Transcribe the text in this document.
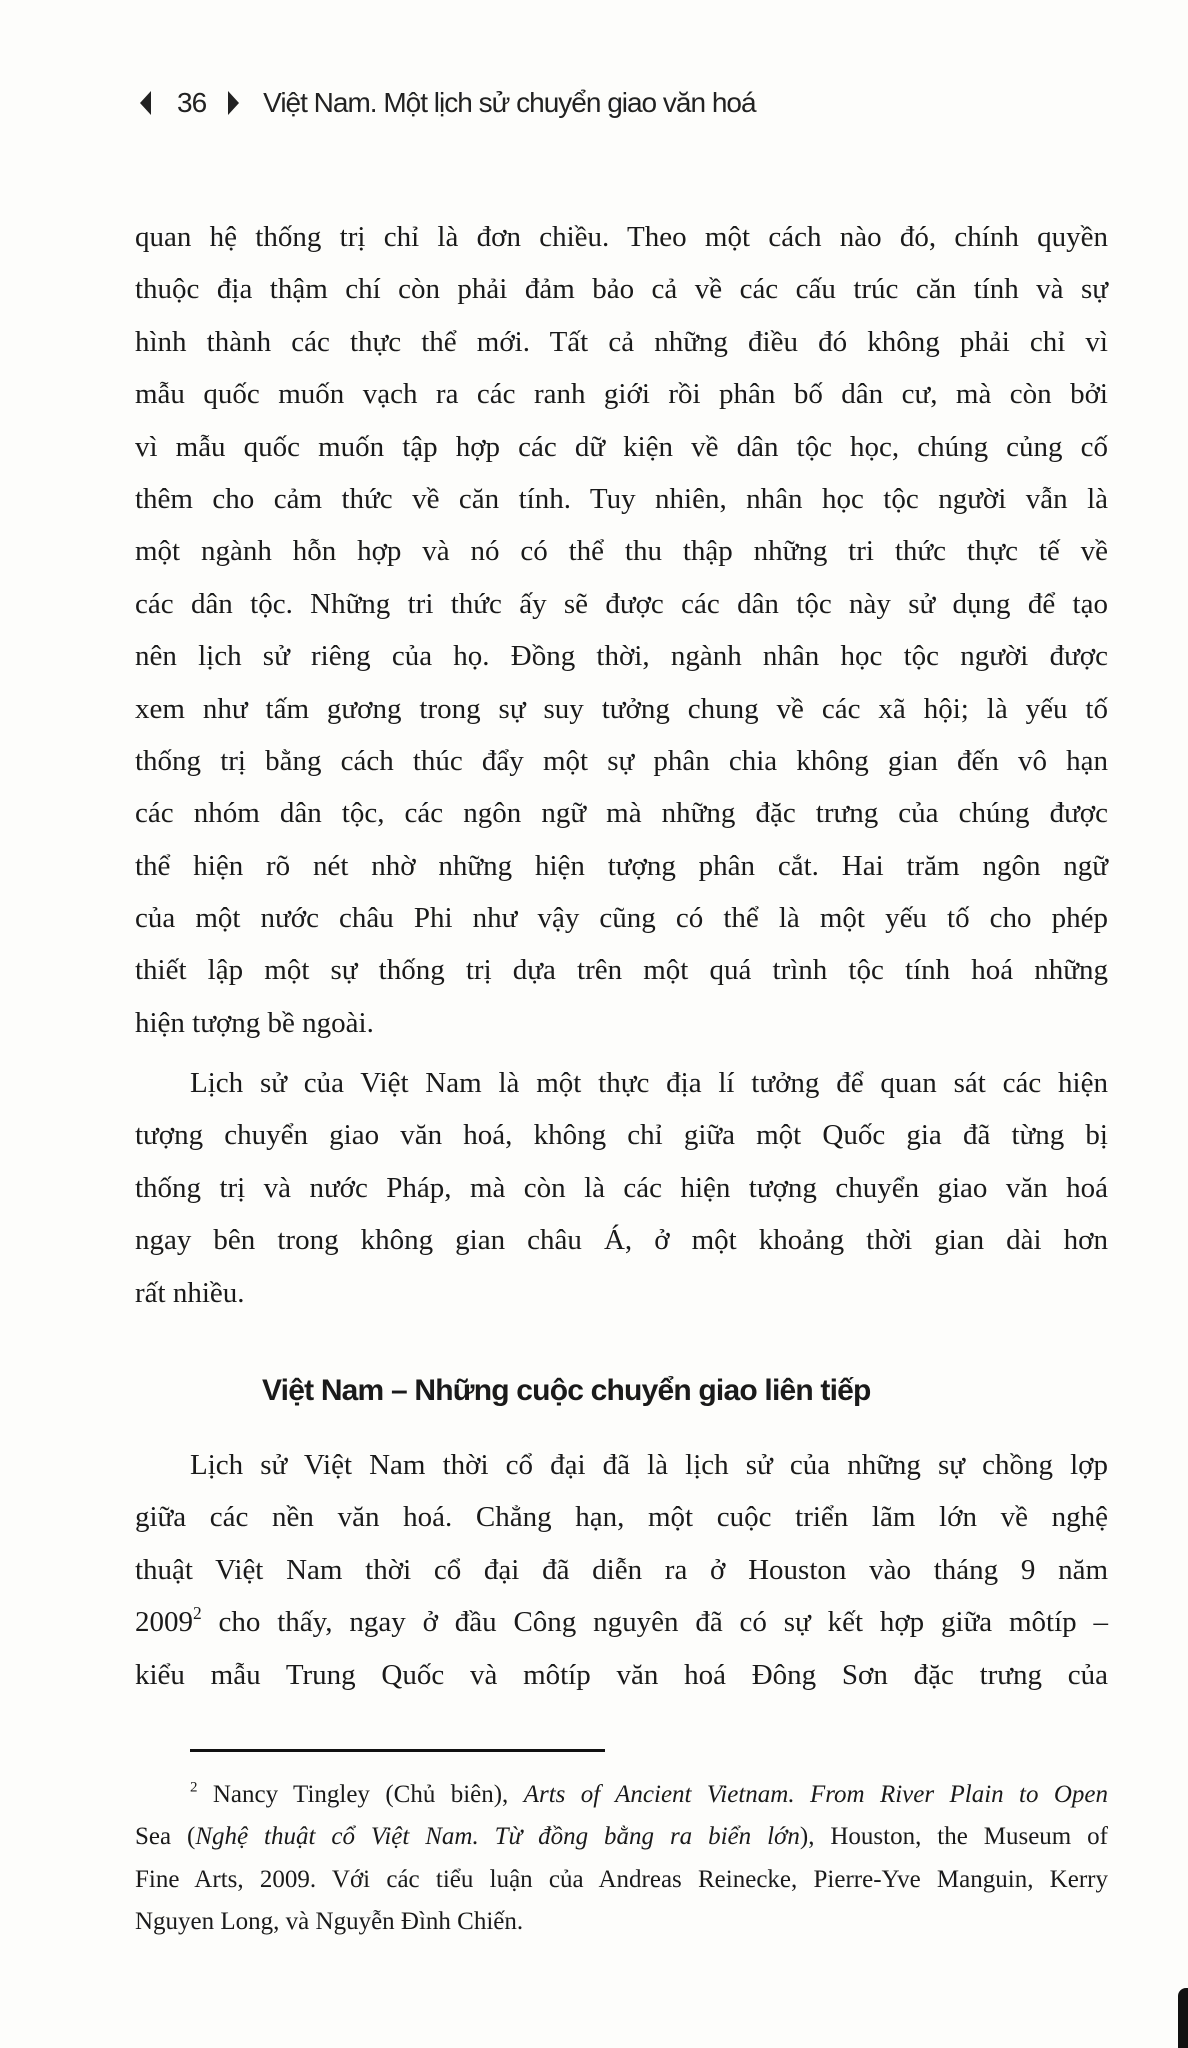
36 Việt Nam. Một lịch sử chuyển giao văn hoá
quan hệ thống trị chỉ là đơn chiều. Theo một cách nào đó, chính quyền
thuộc địa thậm chí còn phải đảm bảo cả về các cấu trúc căn tính và sự
hình thành các thực thể mới. Tất cả những điều đó không phải chỉ vì
mẫu quốc muốn vạch ra các ranh giới rồi phân bố dân cư, mà còn bởi
vì mẫu quốc muốn tập hợp các dữ kiện về dân tộc học, chúng củng cố
thêm cho cảm thức về căn tính. Tuy nhiên, nhân học tộc người vẫn là
một ngành hỗn hợp và nó có thể thu thập những tri thức thực tế về
các dân tộc. Những tri thức ấy sẽ được các dân tộc này sử dụng để tạo
nên lịch sử riêng của họ. Đồng thời, ngành nhân học tộc người được
xem như tấm gương trong sự suy tưởng chung về các xã hội; là yếu tố
thống trị bằng cách thúc đẩy một sự phân chia không gian đến vô hạn
các nhóm dân tộc, các ngôn ngữ mà những đặc trưng của chúng được
thể hiện rõ nét nhờ những hiện tượng phân cắt. Hai trăm ngôn ngữ
của một nước châu Phi như vậy cũng có thể là một yếu tố cho phép
thiết lập một sự thống trị dựa trên một quá trình tộc tính hoá những
hiện tượng bề ngoài.
Lịch sử của Việt Nam là một thực địa lí tưởng để quan sát các hiện
tượng chuyển giao văn hoá, không chỉ giữa một Quốc gia đã từng bị
thống trị và nước Pháp, mà còn là các hiện tượng chuyển giao văn hoá
ngay bên trong không gian châu Á, ở một khoảng thời gian dài hơn
rất nhiều.
Việt Nam – Những cuộc chuyển giao liên tiếp
Lịch sử Việt Nam thời cổ đại đã là lịch sử của những sự chồng lợp
giữa các nền văn hoá. Chẳng hạn, một cuộc triển lãm lớn về nghệ
thuật Việt Nam thời cổ đại đã diễn ra ở Houston vào tháng 9 năm
2009$^2$ cho thấy, ngay ở đầu Công nguyên đã có sự kết hợp giữa môtíp –
kiểu mẫu Trung Quốc và môtíp văn hoá Đông Sơn đặc trưng của
$^2$ Nancy Tingley (Chủ biên), Arts of Ancient Vietnam. From River Plain to Open
Sea (Nghệ thuật cổ Việt Nam. Từ đồng bằng ra biển lớn), Houston, the Museum of
Fine Arts, 2009. Với các tiểu luận của Andreas Reinecke, Pierre-Yve Manguin, Kerry
Nguyen Long, và Nguyễn Đình Chiến.
